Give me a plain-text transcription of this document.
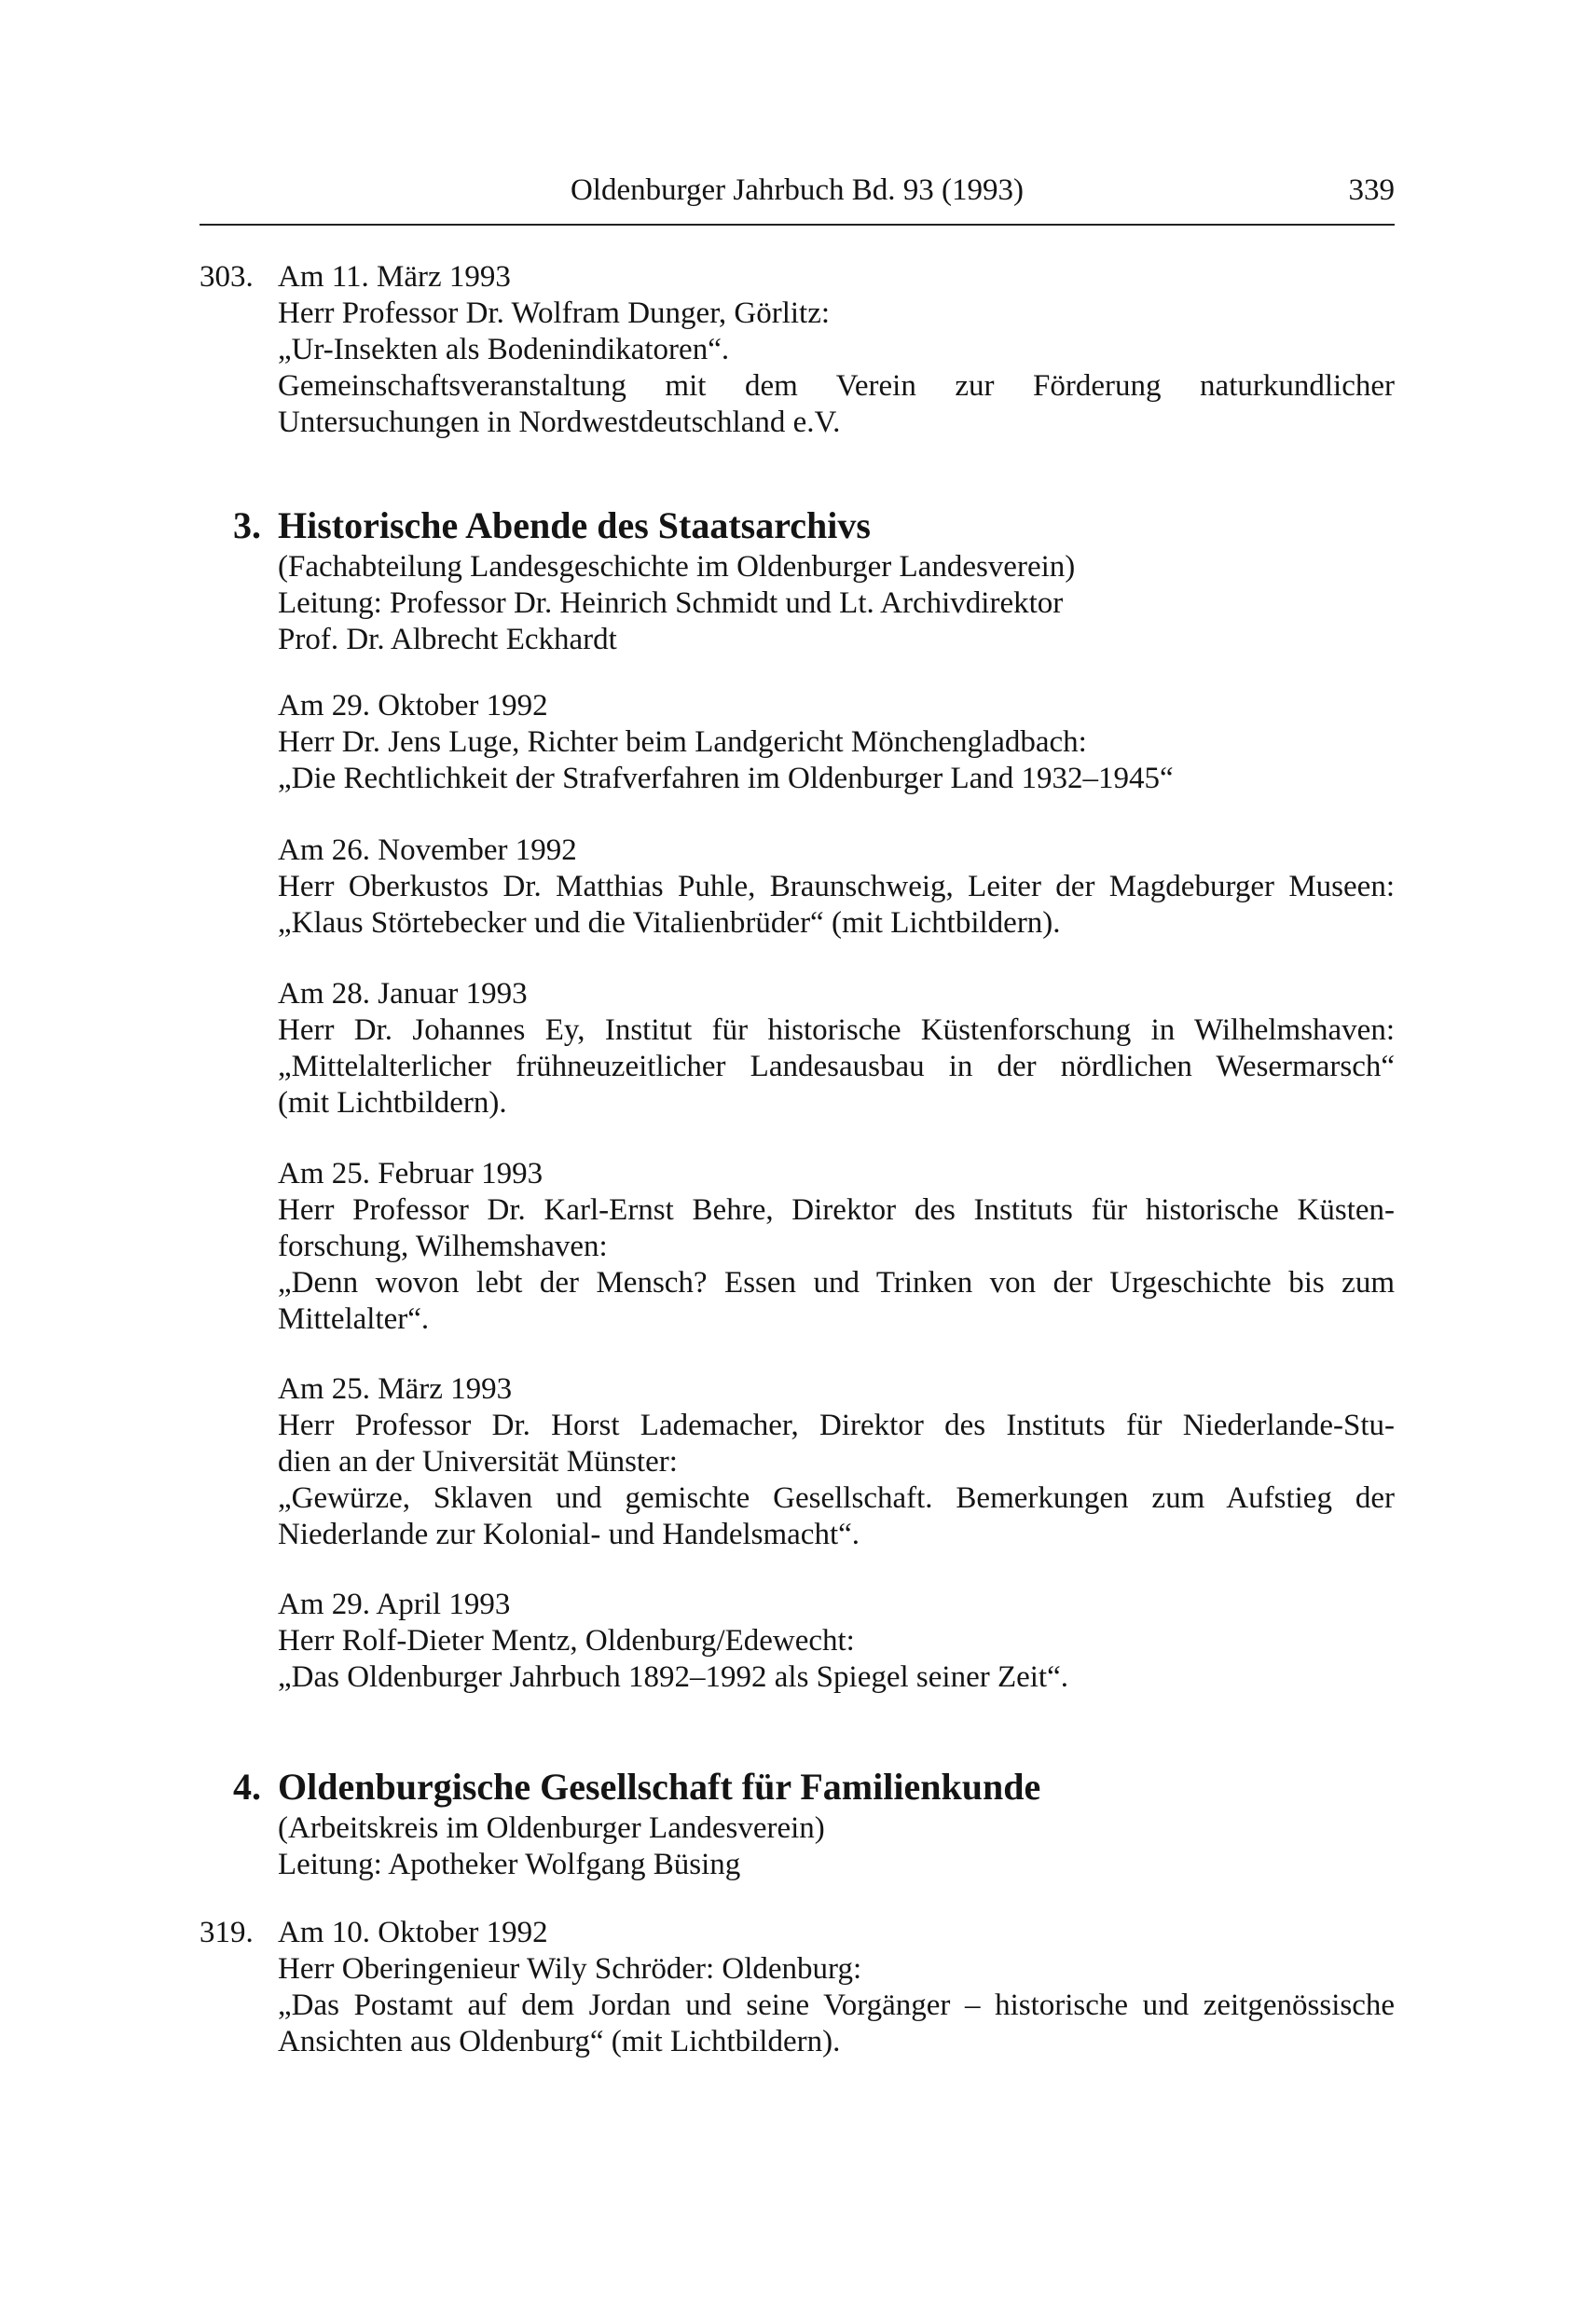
Oldenburger Jahrbuch Bd. 93 (1993)	339
303. Am 11. März 1993
Herr Professor Dr. Wolfram Dunger, Görlitz:
„Ur-Insekten als Bodenindikatoren“.
Gemeinschaftsveranstaltung mit dem Verein zur Förderung naturkundlicher
Untersuchungen in Nordwestdeutschland e.V.
3. Historische Abende des Staatsarchivs
(Fachabteilung Landesgeschichte im Oldenburger Landesverein)
Leitung: Professor Dr. Heinrich Schmidt und Lt. Archivdirektor
Prof. Dr. Albrecht Eckhardt
Am 29. Oktober 1992
Herr Dr. Jens Luge, Richter beim Landgericht Mönchengladbach:
„Die Rechtlichkeit der Strafverfahren im Oldenburger Land 1932–1945“
Am 26. November 1992
Herr Oberkustos Dr. Matthias Puhle, Braunschweig, Leiter der Magdeburger Museen:
„Klaus Störtebecker und die Vitalienbrüder“ (mit Lichtbildern).
Am 28. Januar 1993
Herr Dr. Johannes Ey, Institut für historische Küstenforschung in Wilhelmshaven:
„Mittelalterlicher frühneuzeitlicher Landesausbau in der nördlichen Wesermarsch“
(mit Lichtbildern).
Am 25. Februar 1993
Herr Professor Dr. Karl-Ernst Behre, Direktor des Instituts für historische Küsten-
forschung, Wilhemshaven:
„Denn wovon lebt der Mensch? Essen und Trinken von der Urgeschichte bis zum
Mittelalter“.
Am 25. März 1993
Herr Professor Dr. Horst Lademacher, Direktor des Instituts für Niederlande-Stu-
dien an der Universität Münster:
„Gewürze, Sklaven und gemischte Gesellschaft. Bemerkungen zum Aufstieg der
Niederlande zur Kolonial- und Handelsmacht“.
Am 29. April 1993
Herr Rolf-Dieter Mentz, Oldenburg/Edewecht:
„Das Oldenburger Jahrbuch 1892–1992 als Spiegel seiner Zeit“.
4. Oldenburgische Gesellschaft für Familienkunde
(Arbeitskreis im Oldenburger Landesverein)
Leitung: Apotheker Wolfgang Büsing
319. Am 10. Oktober 1992
Herr Oberingenieur Wily Schröder: Oldenburg:
„Das Postamt auf dem Jordan und seine Vorgänger – historische und zeitgenössische
Ansichten aus Oldenburg“ (mit Lichtbildern).
